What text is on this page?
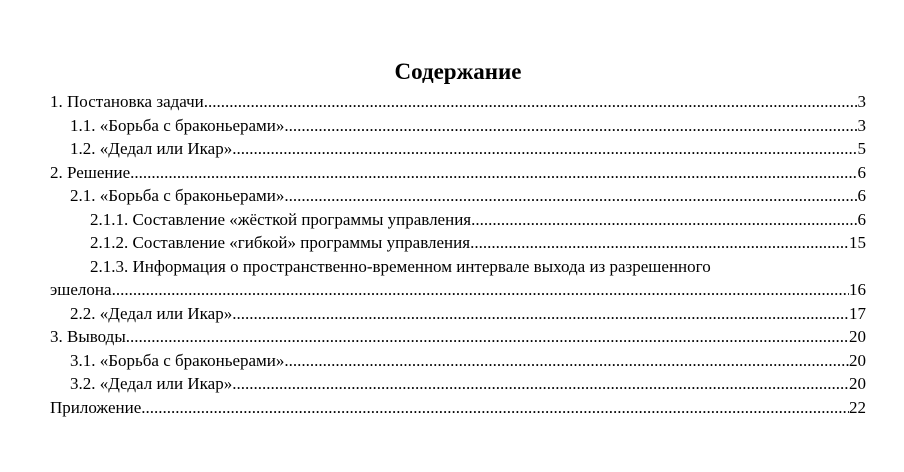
Содержание
1. Постановка задачи .....	3
1.1. «Борьба с браконьерами» .....	3
1.2. «Дедал или Икар» .....	5
2. Решение .....	6
2.1. «Борьба с браконьерами» .....	6
2.1.1. Составление «жёсткой программы управления .....	6
2.1.2. Составление «гибкой» программы управления .....	15
2.1.3. Информация о пространственно-временном интервале выхода из разрешенного
эшелона .....	16
2.2. «Дедал или Икар» .....	17
3. Выводы .....	20
3.1. «Борьба с браконьерами» .....	20
3.2. «Дедал или Икар» .....	20
Приложение .....	22
